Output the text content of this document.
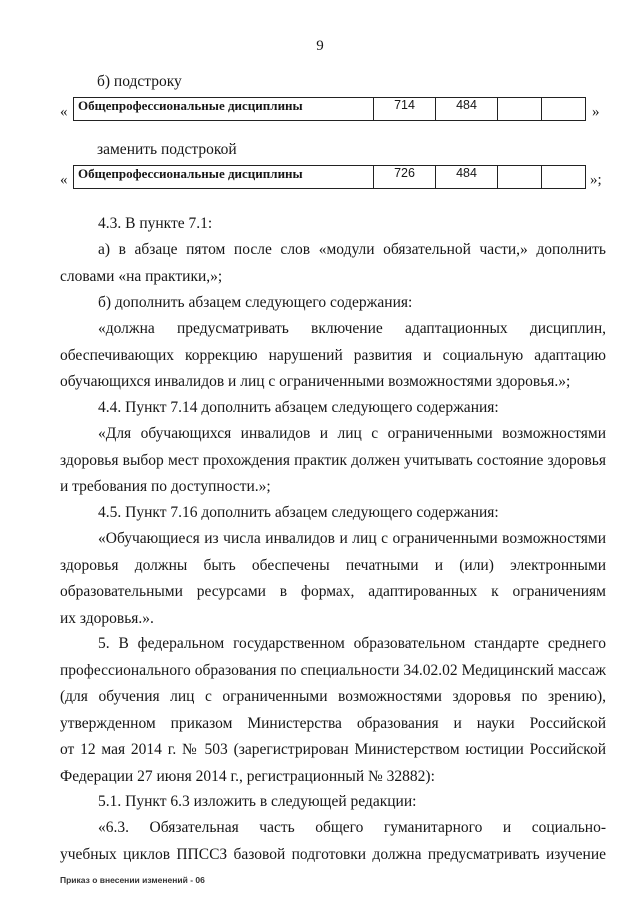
9
б) подстроку
« Общепрофессиональные дисциплины	714	484			»
заменить подстрокой
« Общепрофессиональные дисциплины	726	484			»;
4.3. В пункте 7.1:
а) в абзаце пятом после слов «модули обязательной части,» дополнить
словами «на практики,»;
б) дополнить абзацем следующего содержания:
«должна предусматривать включение адаптационных дисциплин,
обеспечивающих коррекцию нарушений развития и социальную адаптацию
обучающихся инвалидов и лиц с ограниченными возможностями здоровья.»;
4.4. Пункт 7.14 дополнить абзацем следующего содержания:
«Для обучающихся инвалидов и лиц с ограниченными возможностями
здоровья выбор мест прохождения практик должен учитывать состояние здоровья
и требования по доступности.»;
4.5. Пункт 7.16 дополнить абзацем следующего содержания:
«Обучающиеся из числа инвалидов и лиц с ограниченными возможностями
здоровья должны быть обеспечены печатными и (или) электронными
образовательными ресурсами в формах, адаптированных к ограничениям
их здоровья.».
5. В федеральном государственном образовательном стандарте среднего
профессионального образования по специальности 34.02.02 Медицинский массаж
(для обучения лиц с ограниченными возможностями здоровья по зрению),
утвержденном приказом Министерства образования и науки Российской
от 12 мая 2014 г. № 503 (зарегистрирован Министерством юстиции Российской
Федерации 27 июня 2014 г., регистрационный № 32882):
5.1. Пункт 6.3 изложить в следующей редакции:
«6.3. Обязательная часть общего гуманитарного и социально-
учебных циклов ППССЗ базовой подготовки должна предусматривать изучение
Приказ о внесении изменений - 06
